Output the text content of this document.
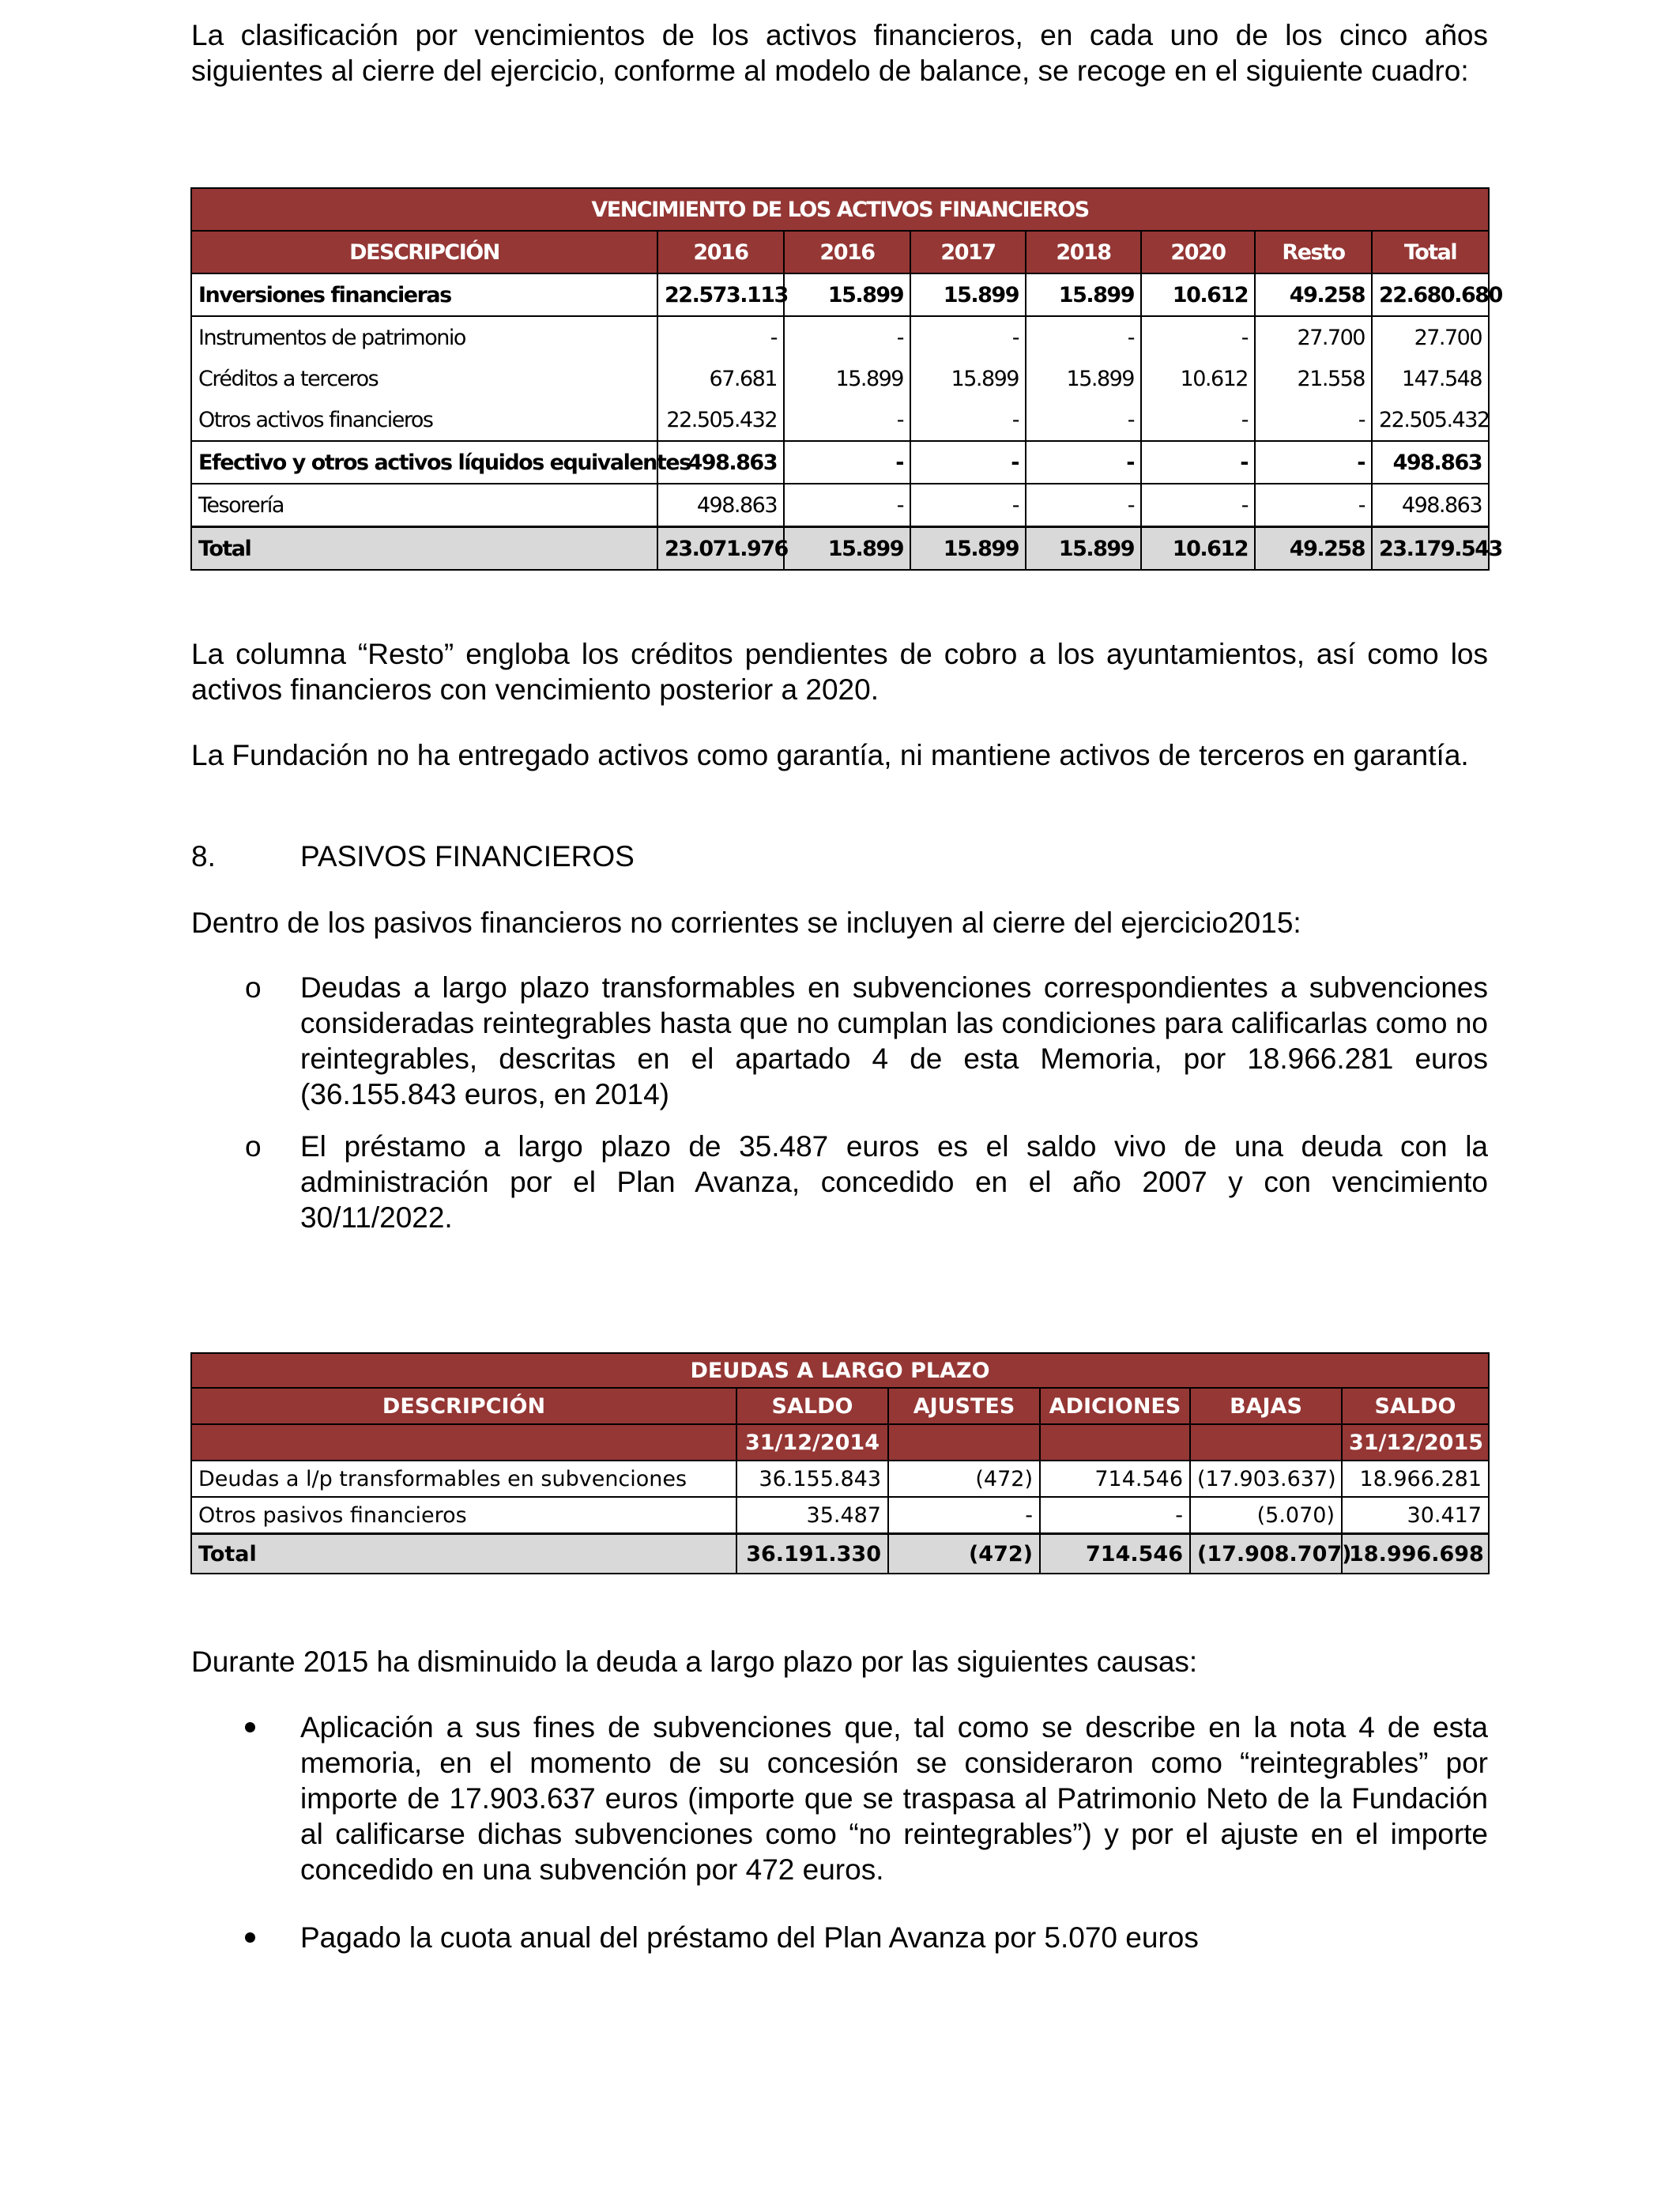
La clasificación por vencimientos de los activos financieros, en cada uno de los cinco años siguientes al cierre del ejercicio, conforme al modelo de balance, se recoge en el siguiente cuadro:

VENCIMIENTO DE LOS ACTIVOS FINANCIEROS							
DESCRIPCIÓN	2016	2016	2017	2018	2020	Resto	Total
Inversiones financieras	22.573.113	15.899	15.899	15.899	10.612	49.258	22.680.680
Instrumentos de patrimonio	-	-	-	-	-	27.700	27.700
Créditos a terceros	67.681	15.899	15.899	15.899	10.612	21.558	147.548
Otros activos financieros	22.505.432	-	-	-	-	-	22.505.432
Efectivo y otros activos líquidos equivalentes	498.863	-	-	-	-	-	498.863
Tesorería	498.863	-	-	-	-	-	498.863
Total	23.071.976	15.899	15.899	15.899	10.612	49.258	23.179.543

La columna “Resto” engloba los créditos pendientes de cobro a los ayuntamientos, así como los activos financieros con vencimiento posterior a 2020.

La Fundación no ha entregado activos como garantía, ni mantiene activos de terceros en garantía.

8.	PASIVOS FINANCIEROS

Dentro de los pasivos financieros no corrientes se incluyen al cierre del ejercicio2015:

o Deudas a largo plazo transformables en subvenciones correspondientes a subvenciones consideradas reintegrables hasta que no cumplan las condiciones para calificarlas como no reintegrables, descritas en el apartado 4 de esta Memoria, por 18.966.281 euros (36.155.843 euros, en 2014)
o El préstamo a largo plazo de 35.487 euros es el saldo vivo de una deuda con la administración por el Plan Avanza, concedido en el año 2007 y con vencimiento 30/11/2022.
DEUDAS A LARGO PLAZO					
DESCRIPCIÓN	SALDO	AJUSTES	ADICIONES	BAJAS	SALDO
	31/12/2014				31/12/2015
Deudas a l/p transformables en subvenciones	36.155.843	(472)	714.546	(17.903.637)	18.966.281
Otros pasivos financieros	35.487	-	-	(5.070)	30.417
Total	36.191.330	(472)	714.546	(17.908.707)	18.996.698

Durante 2015 ha disminuido la deuda a largo plazo por las siguientes causas:

Aplicación a sus fines de subvenciones que, tal como se describe en la nota 4 de esta memoria, en el momento de su concesión se consideraron como “reintegrables” por importe de 17.903.637 euros (importe que se traspasa al Patrimonio Neto de la Fundación al calificarse dichas subvenciones como “no reintegrables”) y por el ajuste en el importe concedido en una subvención por 472 euros.
Pagado la cuota anual del préstamo del Plan Avanza por 5.070 euros
